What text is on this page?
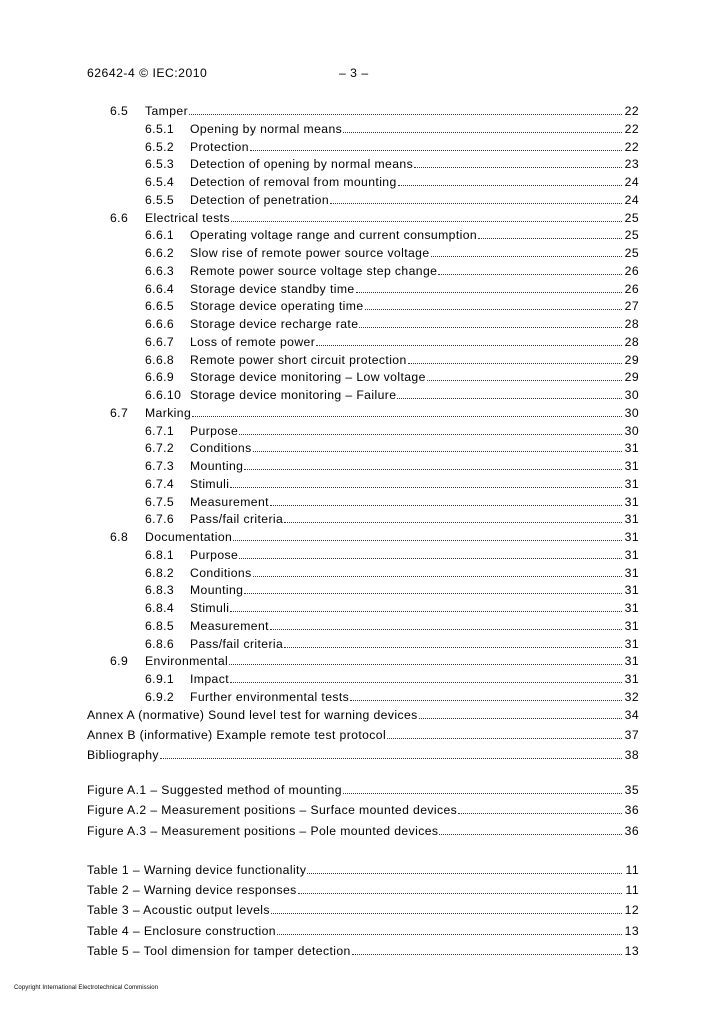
62642-4 © IEC:2010	– 3 –
6.5	Tamper	22
6.5.1	Opening by normal means	22
6.5.2	Protection	22
6.5.3	Detection of opening by normal means	23
6.5.4	Detection of removal from mounting	24
6.5.5	Detection of penetration	24
6.6	Electrical tests	25
6.6.1	Operating voltage range and current consumption	25
6.6.2	Slow rise of remote power source voltage	25
6.6.3	Remote power source voltage step change	26
6.6.4	Storage device standby time	26
6.6.5	Storage device operating time	27
6.6.6	Storage device recharge rate	28
6.6.7	Loss of remote power	28
6.6.8	Remote power short circuit protection	29
6.6.9	Storage device monitoring – Low voltage	29
6.6.10 Storage device monitoring – Failure	30
6.7	Marking	30
6.7.1	Purpose	30
6.7.2	Conditions	31
6.7.3	Mounting	31
6.7.4	Stimuli	31
6.7.5	Measurement	31
6.7.6	Pass/fail criteria	31
6.8	Documentation	31
6.8.1	Purpose	31
6.8.2	Conditions	31
6.8.3	Mounting	31
6.8.4	Stimuli	31
6.8.5	Measurement	31
6.8.6	Pass/fail criteria	31
6.9	Environmental	31
6.9.1	Impact	31
6.9.2	Further environmental tests	32
Annex A (normative) Sound level test for warning devices	34
Annex B (informative) Example remote test protocol	37
Bibliography	38
Figure A.1 – Suggested method of mounting	35
Figure A.2 – Measurement positions – Surface mounted devices	36
Figure A.3 – Measurement positions – Pole mounted devices	36
Table 1 – Warning device functionality	11
Table 2 – Warning device responses	11
Table 3 – Acoustic output levels	12
Table 4 – Enclosure construction	13
Table 5 – Tool dimension for tamper detection	13
Copyright International Electrotechnical Commission
